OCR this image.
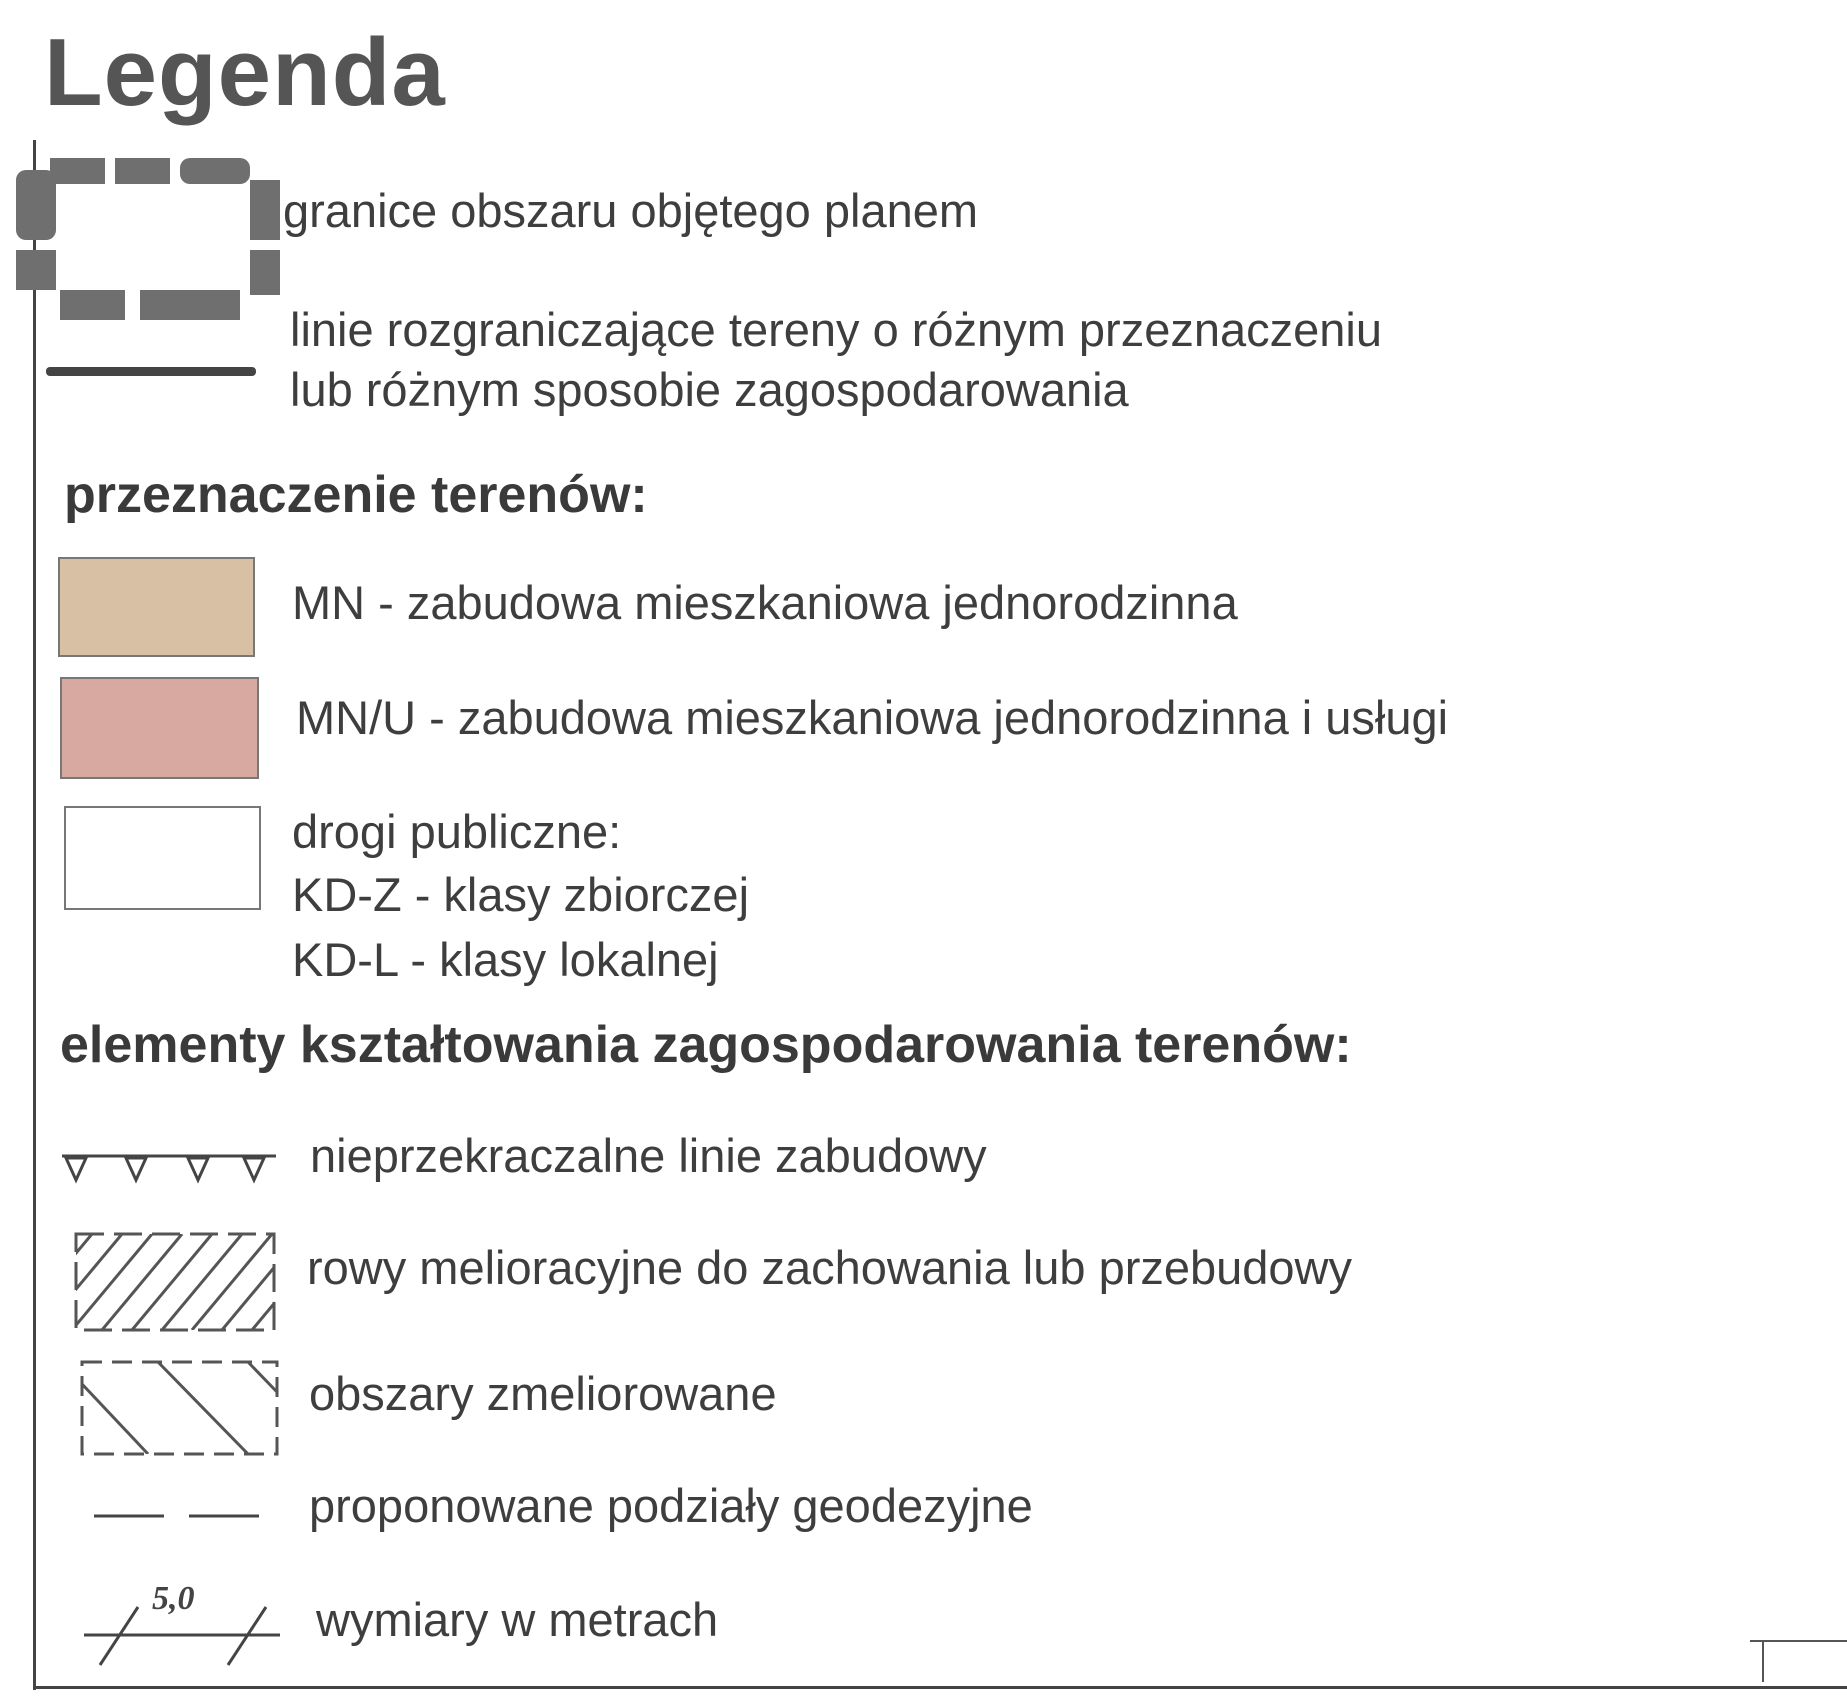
Legenda
granice obszaru objętego planem
linie rozgraniczające tereny o różnym przeznaczeniu
lub różnym sposobie zagospodarowania
przeznaczenie terenów:
MN - zabudowa mieszkaniowa jednorodzinna
MN/U - zabudowa mieszkaniowa jednorodzinna i usługi
drogi publiczne:
KD-Z - klasy zbiorczej
KD-L - klasy lokalnej
elementy kształtowania zagospodarowania terenów:
nieprzekraczalne linie zabudowy
rowy melioracyjne do zachowania lub przebudowy
obszary zmeliorowane
proponowane podziały geodezyjne
5,0	wymiary w metrach
